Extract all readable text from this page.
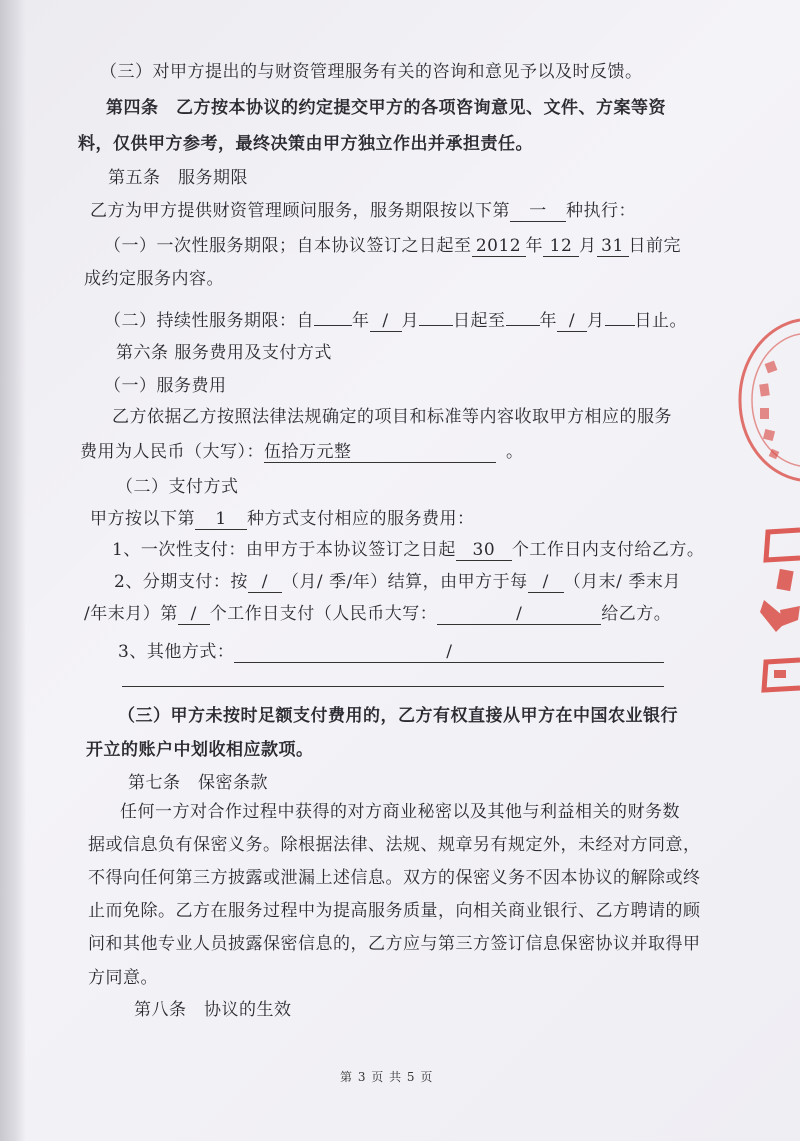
（三）对甲方提出的与财资管理服务有关的咨询和意见予以及时反馈。
第四条　乙方按本协议的约定提交甲方的各项咨询意见、文件、方案等资
料，仅供甲方参考，最终决策由甲方独立作出并承担责任。
第五条　服务期限
乙方为甲方提供财资管理顾问服务，服务期限按以下第 一 种执行：
（一）一次性服务期限；自本协议签订之日起至 2012 年 12 月 31 日前完
成约定服务内容。
（二）持续性服务期限：自 年 / 月 日起至 年 / 月 日止。
第六条 服务费用及支付方式
（一）服务费用
乙方依据乙方按照法律法规确定的项目和标准等内容收取甲方相应的服务
费用为人民币（大写）：伍拾万元整	。
（二）支付方式
甲方按以下第 1 种方式支付相应的服务费用：
1、一次性支付：由甲方于本协议签订之日起 30 个工作日内支付给乙方。
2、分期支付：按 / （月/ 季/年）结算，由甲方于每 / （月末/ 季末月
/年末月）第 / 个工作日支付（人民币大写：	/	给乙方。
3、其他方式：	/
（三）甲方未按时足额支付费用的，乙方有权直接从甲方在中国农业银行
开立的账户中划收相应款项。
第七条　保密条款
任何一方对合作过程中获得的对方商业秘密以及其他与利益相关的财务数
据或信息负有保密义务。除根据法律、法规、规章另有规定外，未经对方同意，
不得向任何第三方披露或泄漏上述信息。双方的保密义务不因本协议的解除或终
止而免除。乙方在服务过程中为提高服务质量，向相关商业银行、乙方聘请的顾
问和其他专业人员披露保密信息的，乙方应与第三方签订信息保密协议并取得甲
方同意。
第八条　协议的生效
第 3 页 共 5 页
